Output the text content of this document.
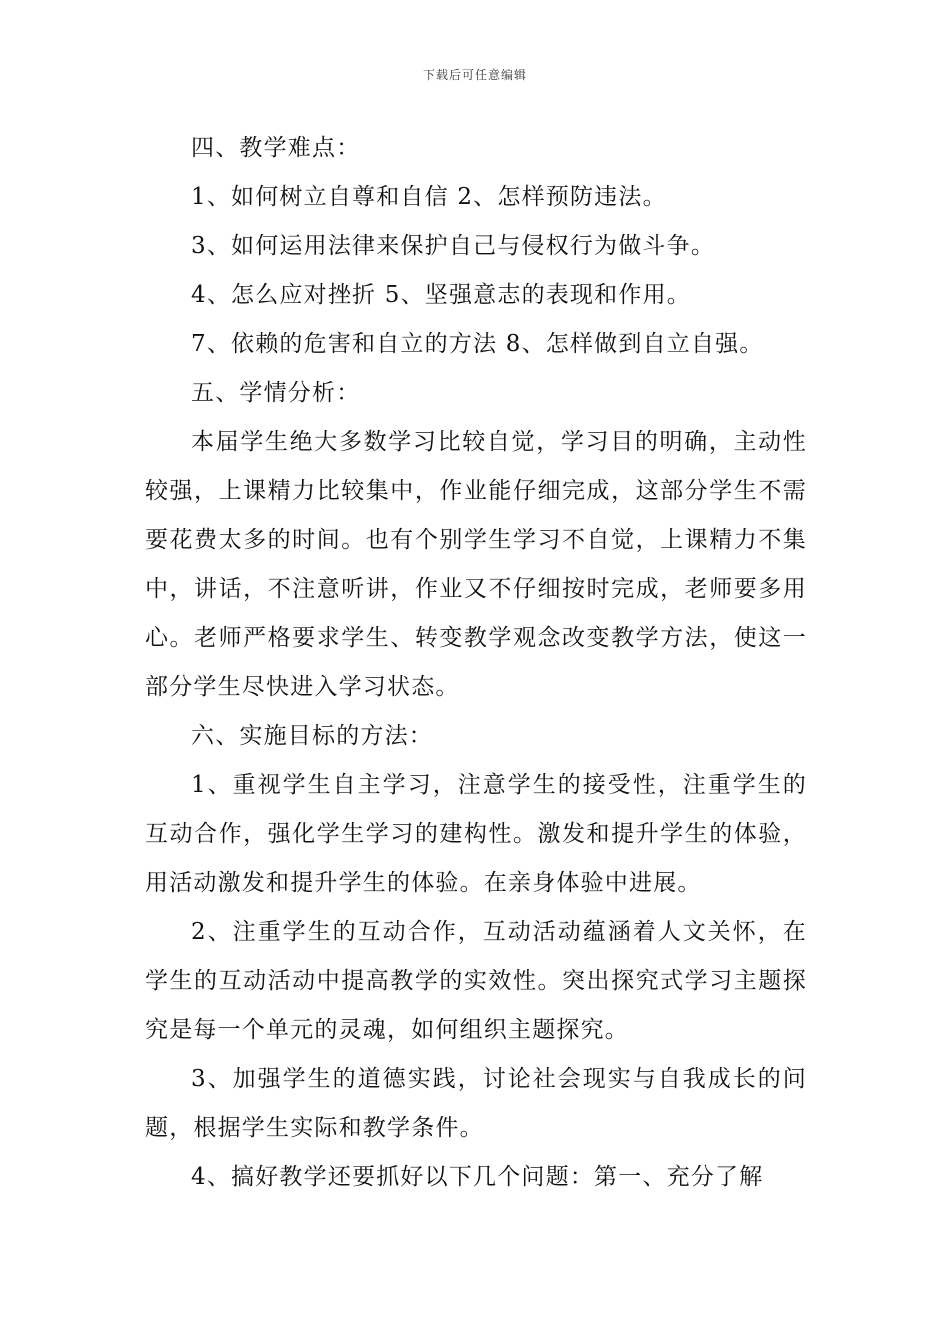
下载后可任意编辑

四、教学难点：

1、如何树立自尊和自信 2、怎样预防违法。

3、如何运用法律来保护自己与侵权行为做斗争。

4、怎么应对挫折 5、坚强意志的表现和作用。

7、依赖的危害和自立的方法 8、怎样做到自立自强。

五、学情分析：

本届学生绝大多数学习比较自觉，学习目的明确，主动性较强，上课精力比较集中，作业能仔细完成，这部分学生不需要花费太多的时间。也有个别学生学习不自觉，上课精力不集中，讲话，不注意听讲，作业又不仔细按时完成，老师要多用心。老师严格要求学生、转变教学观念改变教学方法，使这一部分学生尽快进入学习状态。

六、实施目标的方法：

1、重视学生自主学习，注意学生的接受性，注重学生的互动合作，强化学生学习的建构性。激发和提升学生的体验，用活动激发和提升学生的体验。在亲身体验中进展。

2、注重学生的互动合作，互动活动蕴涵着人文关怀，在学生的互动活动中提高教学的实效性。突出探究式学习主题探究是每一个单元的灵魂，如何组织主题探究。

3、加强学生的道德实践，讨论社会现实与自我成长的问题，根据学生实际和教学条件。

4、搞好教学还要抓好以下几个问题：第一、充分了解
